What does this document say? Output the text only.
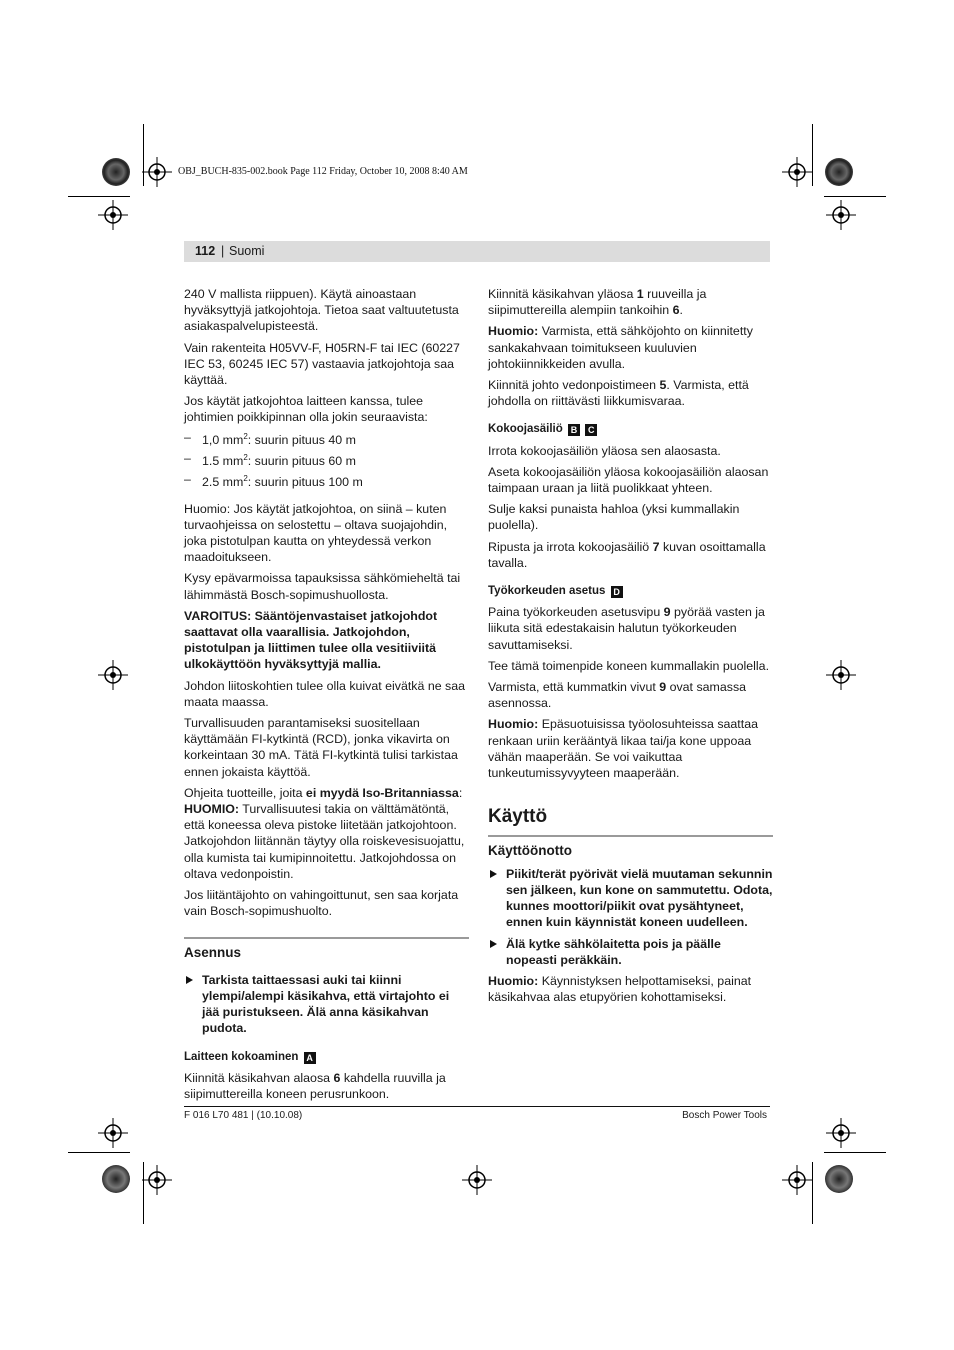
OBJ_BUCH-835-002.book Page 112 Friday, October 10, 2008 8:40 AM
112 | Suomi

240 V mallista riippuen). Käytä ainoastaan hyväksyttyjä jatkojohtoja. Tietoa saat valtuutetusta asiakaspalvelupisteestä.

Vain rakenteita H05VV-F, H05RN-F tai IEC (60227 IEC 53, 60245 IEC 57) vastaavia jatkojohtoja saa käyttää.

Jos käytät jatkojohtoa laitteen kanssa, tulee johtimien poikkipinnan olla jokin seuraavista:

– 1,0 $mm^2$: suurin pituus 40 m
– 1.5 $mm^2$: suurin pituus 60 m
– 2.5 $mm^2$: suurin pituus 100 m

Huomio: Jos käytät jatkojohtoa, on siinä – kuten turvaohjeissa on selostettu – oltava suojajohdin, joka pistotulpan kautta on yhteydessä verkon maadoitukseen.

Kysy epävarmoissa tapauksissa sähkömieheltä tai lähimmästä Bosch-sopimushuollosta.

VAROITUS: Sääntöjenvastaiset jatkojohdot saattavat olla vaarallisia. Jatkojohdon, pistotulpan ja liittimen tulee olla vesitiiviitä ulkokäyttöön hyväksyttyjä mallia.

Johdon liitoskohtien tulee olla kuivat eivätkä ne saa maata maassa.

Turvallisuuden parantamiseksi suositellaan käyttämään FI-kytkintä (RCD), jonka vikavirta on korkeintaan 30 mA. Tätä FI-kytkintä tulisi tarkistaa ennen jokaista käyttöä.

Ohjeita tuotteille, joita ei myydä Iso-Britanniassa:

HUOMIO: Turvallisuutesi takia on välttämätöntä, että koneessa oleva pistoke liitetään jatkojohtoon. Jatkojohdon liitännän täytyy olla roiskevesisuojattu, olla kumista tai kumipinnoitettu. Jatkojohdossa on oltava vedonpoistin.

Jos liitäntäjohto on vahingoittunut, sen saa korjata vain Bosch-sopimushuolto.

Asennus
Tarkista taittaessasi auki tai kiinni ylempi/alempi käsikahva, että virtajohto ei jää puristukseen. Älä anna käsikahvan pudota.
Laitteen kokoaminen A

Kiinnitä käsikahvan alaosa 6 kahdella ruuvilla ja siipimuttereilla koneen perusrunkoon.

Kiinnitä käsikahvan yläosa 1 ruuveilla ja siipimuttereilla alempiin tankoihin 6.

Huomio: Varmista, että sähköjohto on kiinnitetty sankakahvaan toimitukseen kuuluvien johtokiinnikkeiden avulla.

Kiinnitä johto vedonpoistimeen 5. Varmista, että johdolla on riittävästi liikkumisvaraa.

Kokoojasäiliö B C

Irrota kokoojasäiliön yläosa sen alaosasta.

Aseta kokoojasäiliön yläosa kokoojasäiliön alaosan taimpaan uraan ja liitä puolikkaat yhteen.

Sulje kaksi punaista hahloa (yksi kummallakin puolella).

Ripusta ja irrota kokoojasäiliö 7 kuvan osoittamalla tavalla.

Työkorkeuden asetus D

Paina työkorkeuden asetusvipu 9 pyörää vasten ja liikuta sitä edestakaisin halutun työkorkeuden savuttamiseksi.

Tee tämä toimenpide koneen kummallakin puolella.

Varmista, että kummatkin vivut 9 ovat samassa asennossa.

Huomio: Epäsuotuisissa työolosuhteissa saattaa renkaan uriin kerääntyä likaa tai/ja kone uppoaa vähän maaperään. Se voi vaikuttaa tunkeutumissyvyyteen maaperään.

Käyttö
Käyttöönotto
Piikit/terät pyörivät vielä muutaman sekunnin sen jälkeen, kun kone on sammutettu. Odota, kunnes moottori/piikit ovat pysähtyneet, ennen kuin käynnistät koneen uudelleen.
Älä kytke sähkölaitetta pois ja päälle nopeasti peräkkäin.

Huomio: Käynnistyksen helpottamiseksi, painat käsikahvaa alas etupyörien kohottamiseksi.

F 016 L70 481 | (10.10.08)	Bosch Power Tools
